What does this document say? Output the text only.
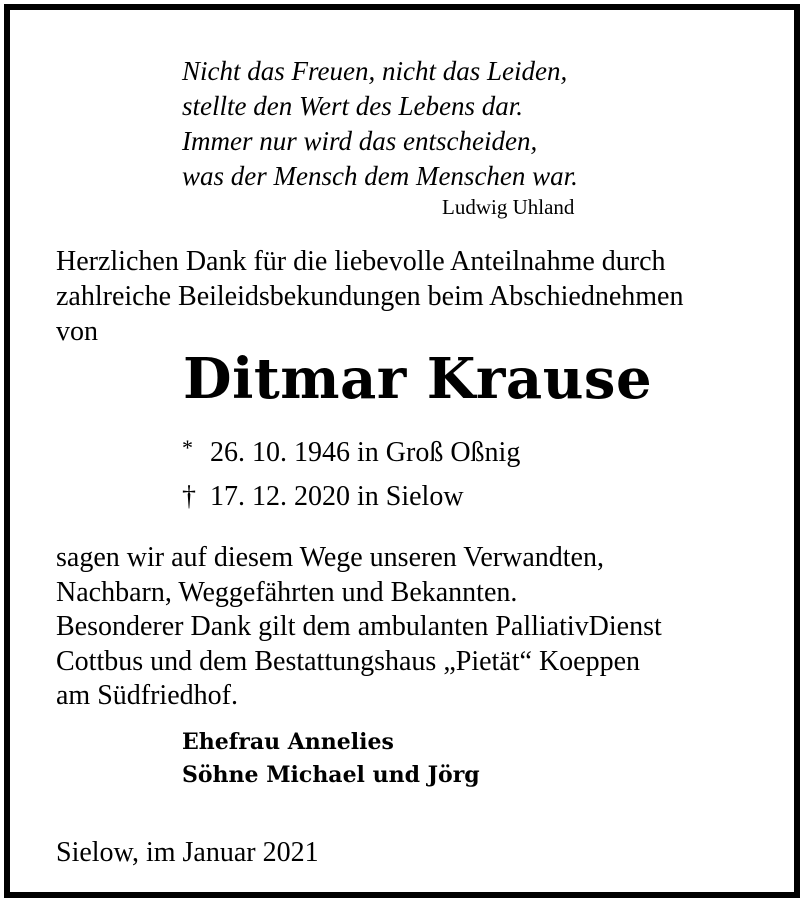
Nicht das Freuen, nicht das Leiden,
stellte den Wert des Lebens dar.
Immer nur wird das entscheiden,
was der Mensch dem Menschen war.
Ludwig Uhland
Herzlichen Dank für die liebevolle Anteilnahme durch
zahlreiche Beileidsbekundungen beim Abschiednehmen
von
Ditmar Krause
* 26. 10. 1946 in Groß Oßnig
† 17. 12. 2020 in Sielow
sagen wir auf diesem Wege unseren Verwandten,
Nachbarn, Weggefährten und Bekannten.
Besonderer Dank gilt dem ambulanten PalliativDienst
Cottbus und dem Bestattungshaus „Pietät“ Koeppen
am Südfriedhof.
Ehefrau Annelies
Söhne Michael und Jörg
Sielow, im Januar 2021
